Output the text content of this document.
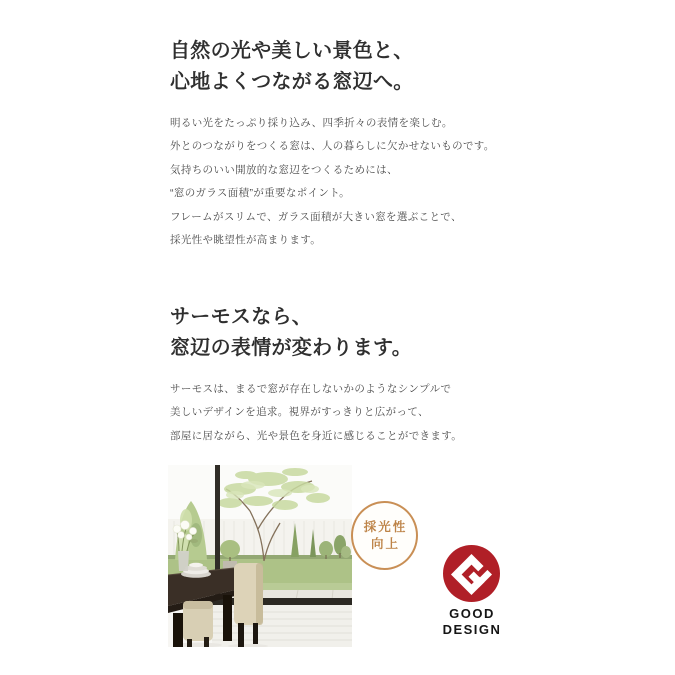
自然の光や美しい景色と、
心地よくつながる窓辺へ。
明るい光をたっぷり採り込み、四季折々の表情を楽しむ。
外とのつながりをつくる窓は、人の暮らしに欠かせないものです。
気持ちのいい開放的な窓辺をつくるためには、
“窓のガラス面積”が重要なポイント。
フレームがスリムで、ガラス面積が大きい窓を選ぶことで、
採光性や眺望性が高まります。
サーモスなら、
窓辺の表情が変わります。
サーモスは、まるで窓が存在しないかのようなシンプルで
美しいデザインを追求。視界がすっきりと広がって、
部屋に居ながら、光や景色を身近に感じることができます。
採光性
向上
GOOD
DESIGN
